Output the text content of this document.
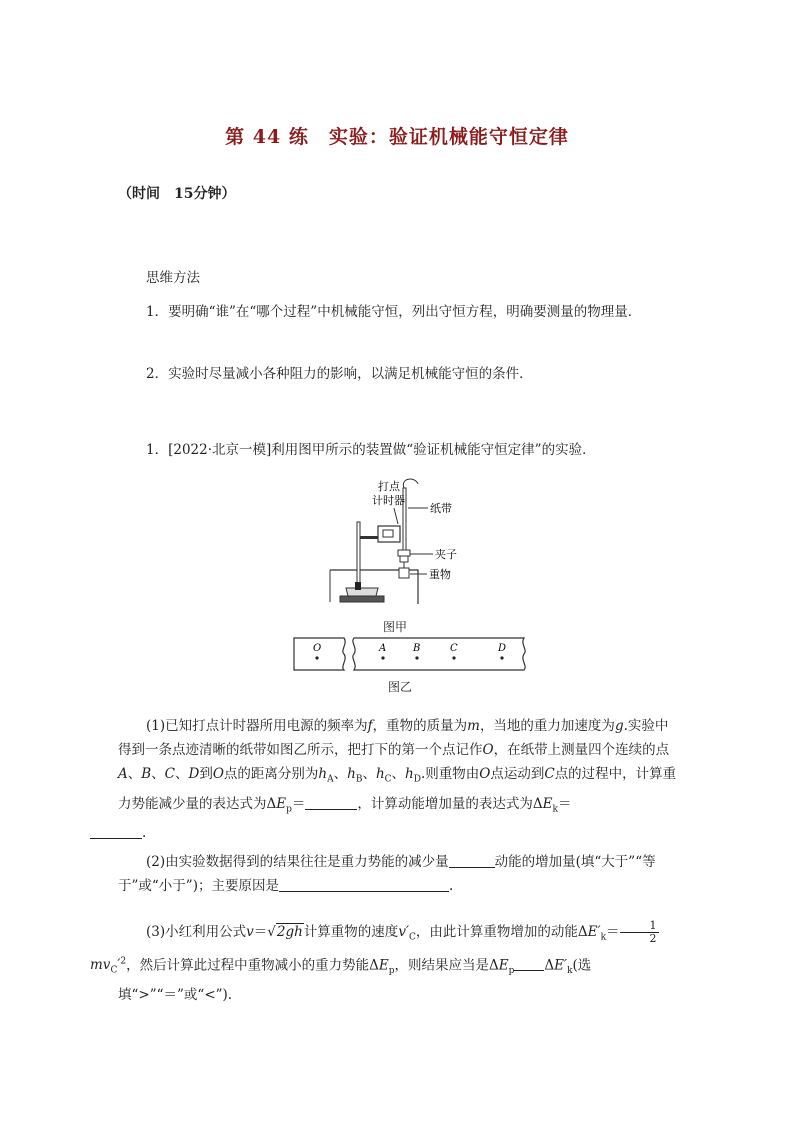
第 44 练　实验：验证机械能守恒定律
（时间　15分钟）
思维方法
1．要明确“谁”在“哪个过程”中机械能守恒，列出守恒方程，明确要测量的物理量．
2．实验时尽量减小各种阻力的影响，以满足机械能守恒的条件．
1．[2022·北京一模]利用图甲所示的装置做“验证机械能守恒定律”的实验．
打点
计时器
纸带
夹子
重物
图甲
O	A	B	C	D
图乙
(1)已知打点计时器所用电源的频率为f，重物的质量为m，当地的重力加速度为g.实验中得到一条点迹清晰的纸带如图乙所示，把打下的第一个点记作O，在纸带上测量四个连续的点A、B、C、D到O点的距离分别为$h_A$、$h_B$、$h_C$、$h_D$.则重物由O点运动到C点的过程中，计算重力势能减少量的表达式为$\Delta E_p=$	，计算动能增加量的表达式为$\Delta E_k=$
.
(2)由实验数据得到的结果往往是重力势能的减少量	动能的增加量(填“大于”“等于”或“小于”)；主要原因是	.
(3)小红利用公式v＝√2gh计算重物的速度$v'_C$，由此计算重物增加的动能$\Delta E'_k= \frac{1}{2}$

$mv_C'^2$，然后计算此过程中重物减小的重力势能$\Delta E_p$，则结果应当是$\Delta E_p$ $\Delta E'_k$(选填“>”“＝”或“<”).
